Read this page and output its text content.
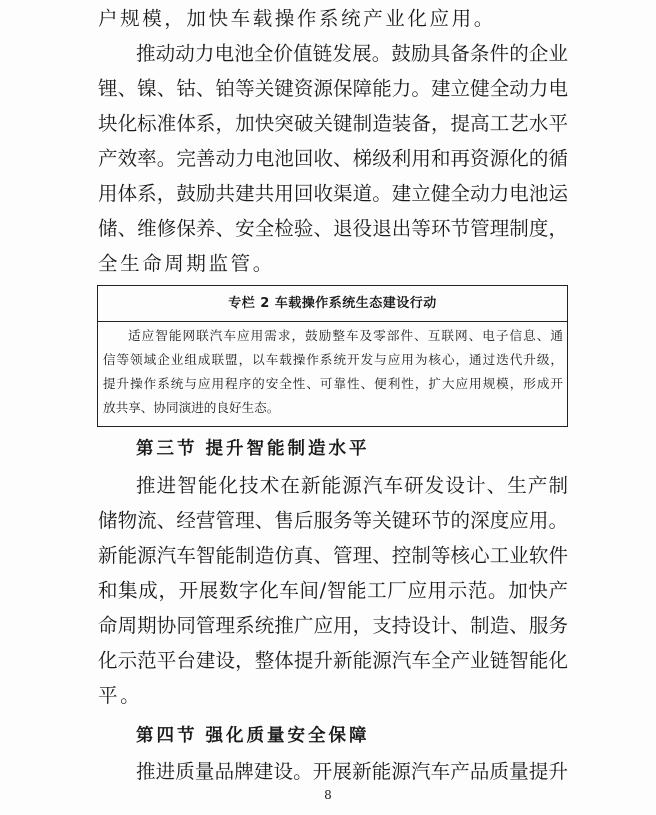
户规模，加快车载操作系统产业化应用。
推动动力电池全价值链发展。鼓励具备条件的企业
锂、镍、钴、铂等关键资源保障能力。建立健全动力电
块化标准体系，加快突破关键制造装备，提高工艺水平
产效率。完善动力电池回收、梯级利用和再资源化的循
用体系，鼓励共建共用回收渠道。建立健全动力电池运
储、维修保养、安全检验、退役退出等环节管理制度，
全生命周期监管。
专栏 2 车载操作系统生态建设行动
适应智能网联汽车应用需求，鼓励整车及零部件、互联网、电子信息、通
信等领域企业组成联盟，以车载操作系统开发与应用为核心，通过迭代升级，
提升操作系统与应用程序的安全性、可靠性、便利性，扩大应用规模，形成开
放共享、协同演进的良好生态。
第三节 提升智能制造水平
推进智能化技术在新能源汽车研发设计、生产制
储物流、经营管理、售后服务等关键环节的深度应用。
新能源汽车智能制造仿真、管理、控制等核心工业软件
和集成，开展数字化车间/智能工厂应用示范。加快产
命周期协同管理系统推广应用，支持设计、制造、服务
化示范平台建设，整体提升新能源汽车全产业链智能化
平。
第四节 强化质量安全保障
推进质量品牌建设。开展新能源汽车产品质量提升
8
